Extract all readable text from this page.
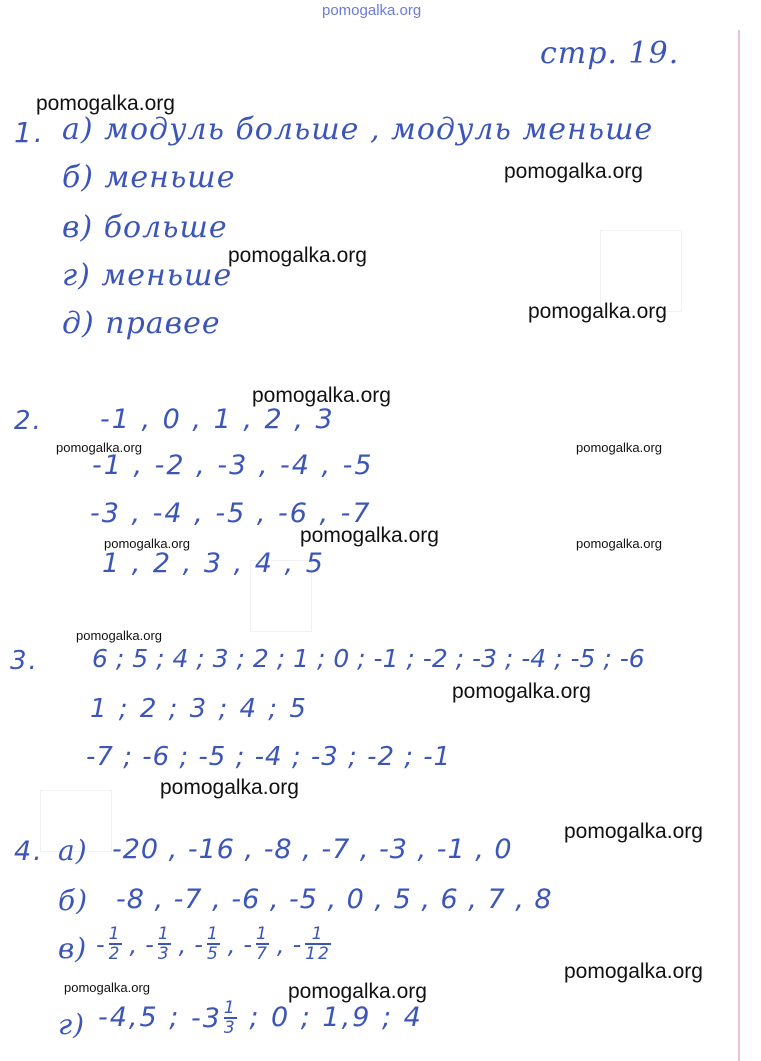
pomogalka.org
стр. 19.
1. а) модуль больше , модуль меньше
б) меньше
в) больше
г) меньше
д) правее
2. -1 , 0 , 1 , 2 , 3
-1 , -2 , -3 , -4 , -5
-3 , -4 , -5 , -6 , -7
1 , 2 , 3 , 4 , 5
3. 6 ; 5 ; 4 ; 3 ; 2 ; 1 ; 0 ; -1 ; -2 ; -3 ; -4 ; -5 ; -6
1 ; 2 ; 3 ; 4 ; 5
-7 ; -6 ; -5 ; -4 ; -3 ; -2 ; -1
4. а) -20 , -16 , -8 , -7 , -3 , -1 , 0
б) -8 , -7 , -6 , -5 , 0 , 5 , 6 , 7 , 8
$в) - \frac{1}{2}$ , - $\frac{1}{3}$ , - $\frac{1}{5}$ , - $\frac{1}{7}$ , - $\frac{1}{12}$
г) -4,5 ; $-3 \frac{1}{3}$ ; 0 ; 1,9 ; 4
pomogalka.org
pomogalka.org
pomogalka.org
pomogalka.org
pomogalka.org
pomogalka.org	pomogalka.org
pomogalka.org
pomogalka.org	pomogalka.org
pomogalka.org
pomogalka.org
pomogalka.org
pomogalka.org
pomogalka.org
pomogalka.org	pomogalka.org
